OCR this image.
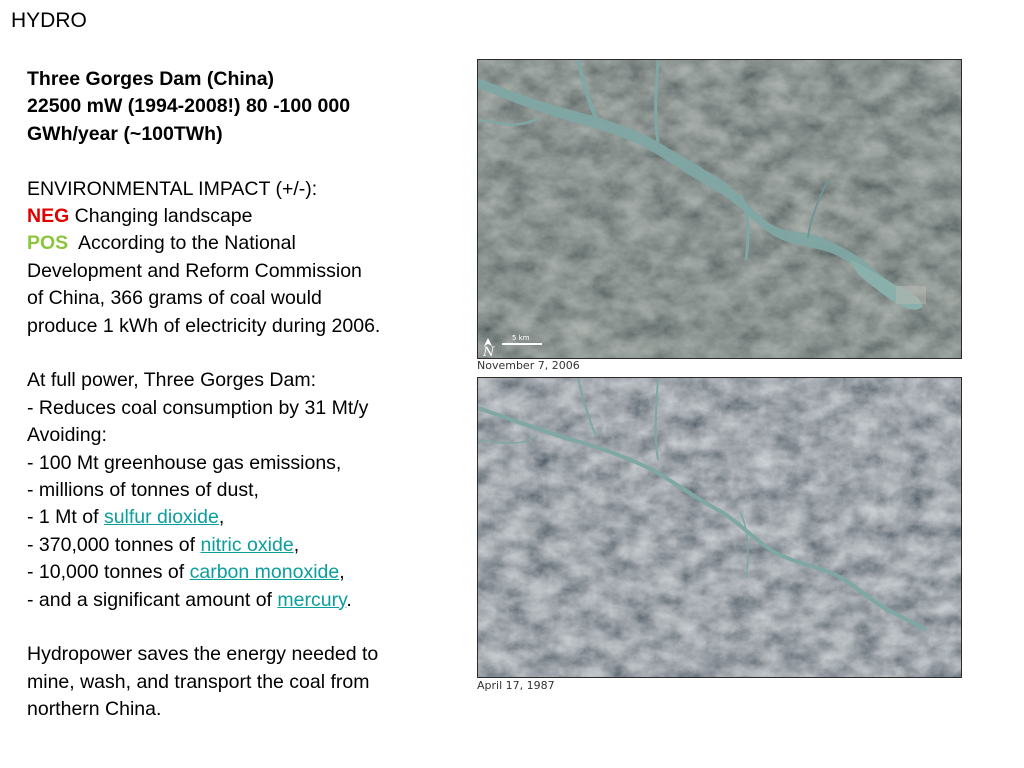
HYDRO
Three Gorges Dam (China)
22500 mW (1994-2008!) 80 -100 000
GWh/year (~100TWh)
ENVIRONMENTAL IMPACT (+/-):
NEG Changing landscape
POS  According to the National
Development and Reform Commission
of China, 366 grams of coal would
produce 1 kWh of electricity during 2006.
At full power, Three Gorges Dam:
- Reduces coal consumption by 31 Mt/y
Avoiding:
- 100 Mt greenhouse gas emissions,
- millions of tonnes of dust,
- 1 Mt of sulfur dioxide,
- 370,000 tonnes of nitric oxide,
- 10,000 tonnes of carbon monoxide,
- and a significant amount of mercury.
Hydropower saves the energy needed to
mine, wash, and transport the coal from
northern China.
N
5 km
November 7, 2006
April 17, 1987
